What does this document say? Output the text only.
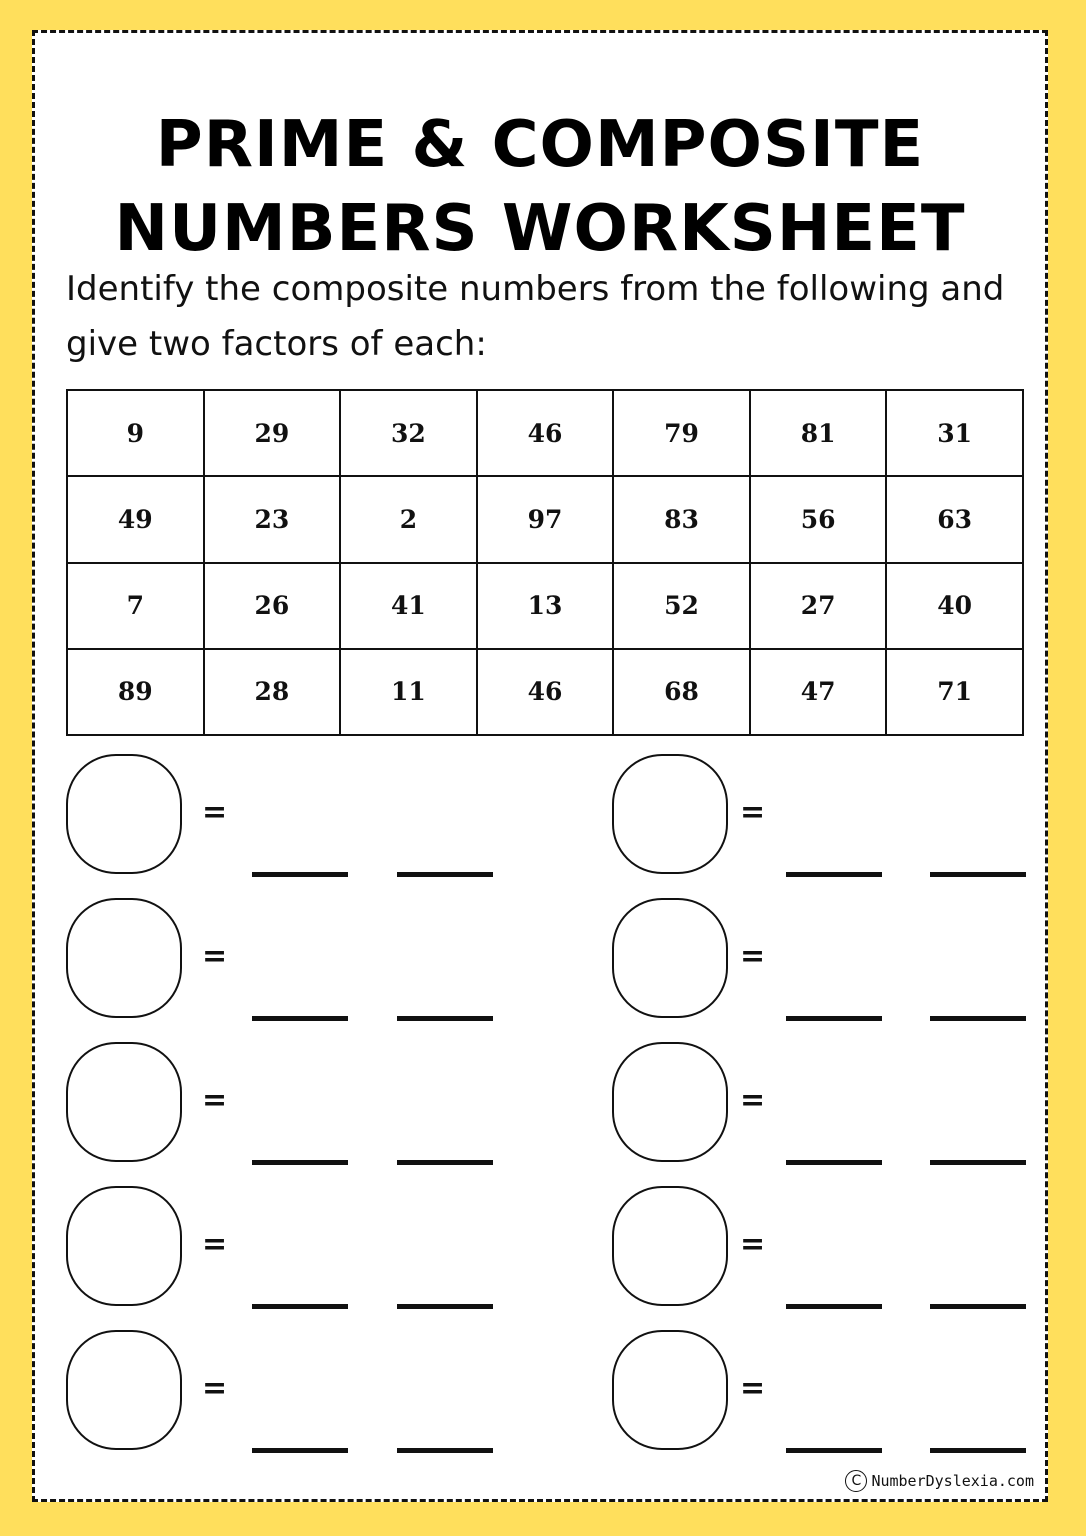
PRIME & COMPOSITE
NUMBERS WORKSHEET
Identify the composite numbers from the following and
give two factors of each:
9	29	32	46	79	81	31
49	23	2	97	83	56	63
7	26	41	13	52	27	40
89	28	11	46	68	47	71
=
=
=
=
=
=
=
=
=
=
C NumberDyslexia.com
